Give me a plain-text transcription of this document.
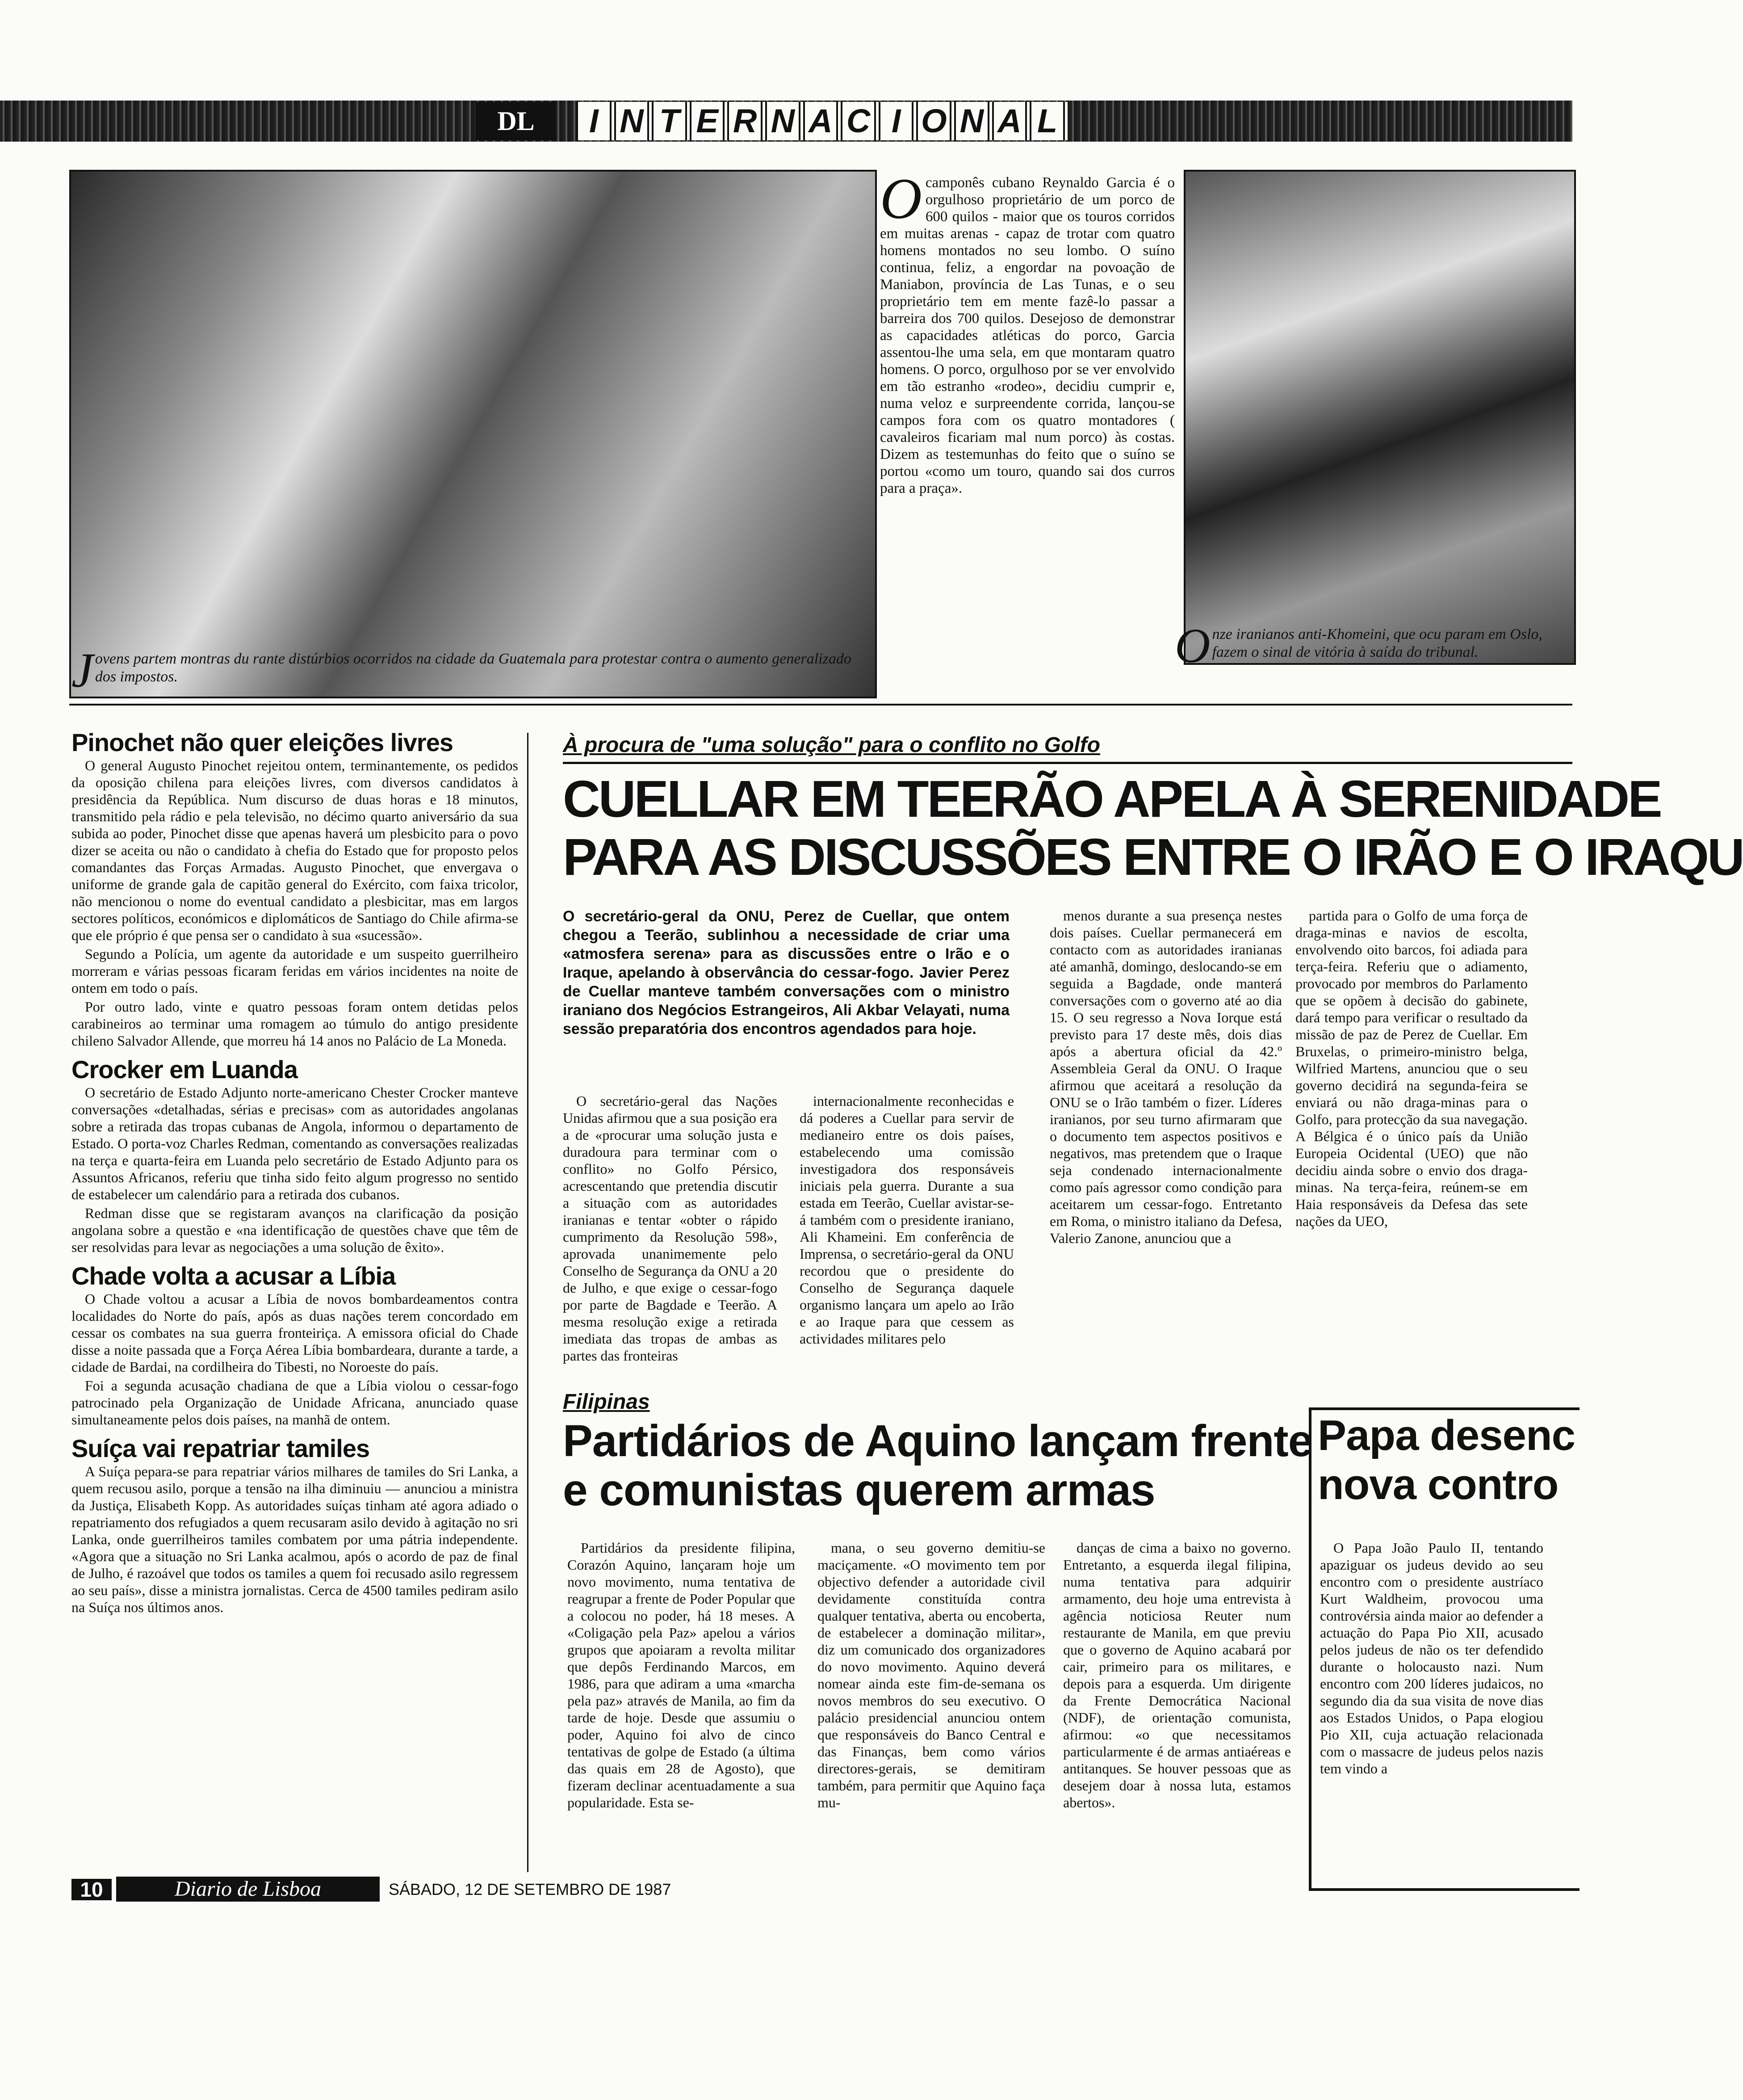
DL	I N T E R N A C I O N A L
J ovens partem montras du rante distúrbios ocorridos na cidade da Guatemala para protestar contra o aumento generalizado dos impostos.
O camponês cubano Reynaldo Garcia é o orgulhoso proprietário de um porco de 600 quilos - maior que os touros corridos em muitas arenas - capaz de trotar com quatro homens montados no seu lombo. O suíno continua, feliz, a engordar na povoação de Maniabon, província de Las Tunas, e o seu proprietário tem em mente fazê-lo passar a barreira dos 700 quilos. Desejoso de demonstrar as capacidades atléticas do porco, Garcia assentou-lhe uma sela, em que montaram quatro homens. O porco, orgulhoso por se ver envolvido em tão estranho «rodeo», decidiu cumprir e, numa veloz e surpreendente corrida, lançou-se campos fora com os quatro montadores ( cavaleiros ficariam mal num porco) às costas. Dizem as testemunhas do feito que o suíno se portou «como um touro, quando sai dos curros para a praça».
O nze iranianos anti-Khomeini, que ocu param em Oslo, fazem o sinal de vitória à saída do tribunal.
Pinochet não quer eleições livres

O general Augusto Pinochet rejeitou ontem, terminantemente, os pedidos da oposição chilena para eleições livres, com diversos candidatos à presidência da República. Num discurso de duas horas e 18 minutos, transmitido pela rádio e pela televisão, no décimo quarto aniversário da sua subida ao poder, Pinochet disse que apenas haverá um plesbicito para o povo dizer se aceita ou não o candidato à chefia do Estado que for proposto pelos comandantes das Forças Armadas. Augusto Pinochet, que envergava o uniforme de grande gala de capitão general do Exército, com faixa tricolor, não mencionou o nome do eventual candidato a plesbicitar, mas em largos sectores políticos, económicos e diplomáticos de Santiago do Chile afirma-se que ele próprio é que pensa ser o candidato à sua «sucessão».

Segundo a Polícia, um agente da autoridade e um suspeito guerrilheiro morreram e várias pessoas ficaram feridas em vários incidentes na noite de ontem em todo o país.

Por outro lado, vinte e quatro pessoas foram ontem detidas pelos carabineiros ao terminar uma romagem ao túmulo do antigo presidente chileno Salvador Allende, que morreu há 14 anos no Palácio de La Moneda.

Crocker em Luanda

O secretário de Estado Adjunto norte-americano Chester Crocker manteve conversações «detalhadas, sérias e precisas» com as autoridades angolanas sobre a retirada das tropas cubanas de Angola, informou o departamento de Estado. O porta-voz Charles Redman, comentando as conversações realizadas na terça e quarta-feira em Luanda pelo secretário de Estado Adjunto para os Assuntos Africanos, referiu que tinha sido feito algum progresso no sentido de estabelecer um calendário para a retirada dos cubanos.

Redman disse que se registaram avanços na clarificação da posição angolana sobre a questão e «na identificação de questões chave que têm de ser resolvidas para levar as negociações a uma solução de êxito».

Chade volta a acusar a Líbia

O Chade voltou a acusar a Líbia de novos bombardeamentos contra localidades do Norte do país, após as duas nações terem concordado em cessar os combates na sua guerra fronteiriça. A emissora oficial do Chade disse a noite passada que a Força Aérea Líbia bombardeara, durante a tarde, a cidade de Bardai, na cordilheira do Tibesti, no Noroeste do país.

Foi a segunda acusação chadiana de que a Líbia violou o cessar-fogo patrocinado pela Organização de Unidade Africana, anunciado quase simultaneamente pelos dois países, na manhã de ontem.

Suíça vai repatriar tamiles

A Suíça pepara-se para repatriar vários milhares de tamiles do Sri Lanka, a quem recusou asilo, porque a tensão na ilha diminuiu — anunciou a ministra da Justiça, Elisabeth Kopp. As autoridades suíças tinham até agora adiado o repatriamento dos refugiados a quem recusaram asilo devido à agitação no sri Lanka, onde guerrilheiros tamiles combatem por uma pátria independente. «Agora que a situação no Sri Lanka acalmou, após o acordo de paz de final de Julho, é razoável que todos os tamiles a quem foi recusado asilo regressem ao seu país», disse a ministra jornalistas. Cerca de 4500 tamiles pediram asilo na Suíça nos últimos anos.

À procura de "uma solução" para o conflito no Golfo
CUELLAR EM TEERÃO APELA À SERENIDADE
PARA AS DISCUSSÕES ENTRE O IRÃO E O IRAQU
O secretário-geral da ONU, Perez de Cuellar, que ontem chegou a Teerão, sublinhou a necessidade de criar uma «atmosfera serena» para as discussões entre o Irão e o Iraque, apelando à observância do cessar-fogo. Javier Perez de Cuellar manteve também conversações com o ministro iraniano dos Negócios Estrangeiros, Ali Akbar Velayati, numa sessão preparatória dos encontros agendados para hoje.

O secretário-geral das Nações Unidas afirmou que a sua posição era a de «procurar uma solução justa e duradoura para terminar com o conflito» no Golfo Pérsico, acrescentando que pretendia discutir a situação com as autoridades iranianas e tentar «obter o rápido cumprimento da Resolução 598», aprovada unanimemente pelo Conselho de Segurança da ONU a 20 de Julho, e que exige o cessar-fogo por parte de Bagdade e Teerão. A mesma resolução exige a retirada imediata das tropas de ambas as partes das fronteiras

internacionalmente reconhecidas e dá poderes a Cuellar para servir de medianeiro entre os dois países, estabelecendo uma comissão investigadora dos responsáveis iniciais pela guerra. Durante a sua estada em Teerão, Cuellar avistar-se-á também com o presidente iraniano, Ali Khameini. Em conferência de Imprensa, o secretário-geral da ONU recordou que o presidente do Conselho de Segurança daquele organismo lançara um apelo ao Irão e ao Iraque para que cessem as actividades militares pelo

menos durante a sua presença nestes dois países. Cuellar permanecerá em contacto com as autoridades iranianas até amanhã, domingo, deslocando-se em seguida a Bagdade, onde manterá conversações com o governo até ao dia 15. O seu regresso a Nova Iorque está previsto para 17 deste mês, dois dias após a abertura oficial da 42.º Assembleia Geral da ONU. O Iraque afirmou que aceitará a resolução da ONU se o Irão também o fizer. Líderes iranianos, por seu turno afirmaram que o documento tem aspectos positivos e negativos, mas pretendem que o Iraque seja condenado internacionalmente como país agressor como condição para aceitarem um cessar-fogo. Entretanto em Roma, o ministro italiano da Defesa, Valerio Zanone, anunciou que a

partida para o Golfo de uma força de draga-minas e navios de escolta, envolvendo oito barcos, foi adiada para terça-feira. Referiu que o adiamento, provocado por membros do Parlamento que se opõem à decisão do gabinete, dará tempo para verificar o resultado da missão de paz de Perez de Cuellar. Em Bruxelas, o primeiro-ministro belga, Wilfried Martens, anunciou que o seu governo decidirá na segunda-feira se enviará ou não draga-minas para o Golfo, para protecção da sua navegação. A Bélgica é o único país da União Europeia Ocidental (UEO) que não decidiu ainda sobre o envio dos draga-minas. Na terça-feira, reúnem-se em Haia responsáveis da Defesa das sete nações da UEO,

Filipinas
Partidários de Aquino lançam frente
e comunistas querem armas

Partidários da presidente filipina, Corazón Aquino, lançaram hoje um novo movimento, numa tentativa de reagrupar a frente de Poder Popular que a colocou no poder, há 18 meses. A «Coligação pela Paz» apelou a vários grupos que apoiaram a revolta militar que depôs Ferdinando Marcos, em 1986, para que adiram a uma «marcha pela paz» através de Manila, ao fim da tarde de hoje. Desde que assumiu o poder, Aquino foi alvo de cinco tentativas de golpe de Estado (a última das quais em 28 de Agosto), que fizeram declinar acentuadamente a sua popularidade. Esta se-

mana, o seu governo demitiu-se maciçamente. «O movimento tem por objectivo defender a autoridade civil devidamente constituída contra qualquer tentativa, aberta ou encoberta, de estabelecer a dominação militar», diz um comunicado dos organizadores do novo movimento. Aquino deverá nomear ainda este fim-de-semana os novos membros do seu executivo. O palácio presidencial anunciou ontem que responsáveis do Banco Central e das Finanças, bem como vários directores-gerais, se demitiram também, para permitir que Aquino faça mu-

danças de cima a baixo no governo. Entretanto, a esquerda ilegal filipina, numa tentativa para adquirir armamento, deu hoje uma entrevista à agência noticiosa Reuter num restaurante de Manila, em que previu que o governo de Aquino acabará por cair, primeiro para os militares, e depois para a esquerda. Um dirigente da Frente Democrática Nacional (NDF), de orientação comunista, afirmou: «o que necessitamos particularmente é de armas antiaéreas e antitanques. Se houver pessoas que as desejem doar à nossa luta, estamos abertos».

Papa desenc
nova contro

O Papa João Paulo II, tentando apaziguar os judeus devido ao seu encontro com o presidente austríaco Kurt Waldheim, provocou uma controvérsia ainda maior ao defender a actuação do Papa Pio XII, acusado pelos judeus de não os ter defendido durante o holocausto nazi. Num encontro com 200 líderes judaicos, no segundo dia da sua visita de nove dias aos Estados Unidos, o Papa elogiou Pio XII, cuja actuação relacionada com o massacre de judeus pelos nazis tem vindo a

10	Diario de Lisboa	SÁBADO, 12 DE SETEMBRO DE 1987
